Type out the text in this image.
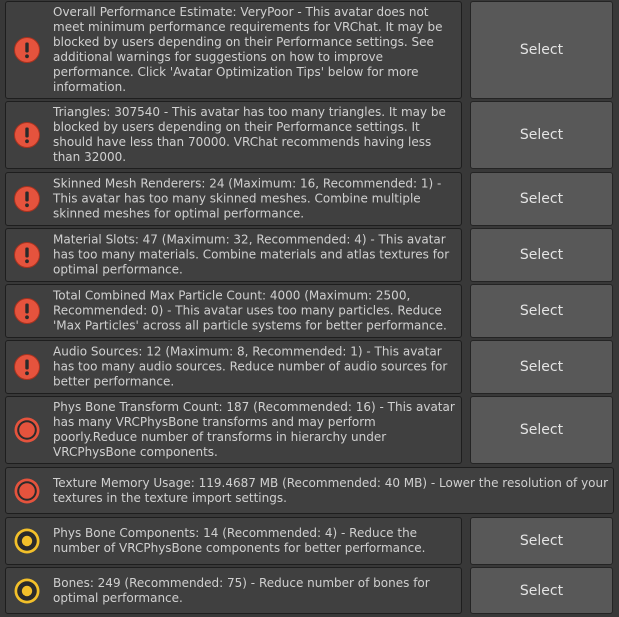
Overall Performance Estimate: VeryPoor - This avatar does not meet minimum performance requirements for VRChat. It may be blocked by users depending on their Performance settings. See additional warnings for suggestions on how to improve performance. Click 'Avatar Optimization Tips' below for more information.
Select
Triangles: 307540 - This avatar has too many triangles. It may be blocked by users depending on their Performance settings. It should have less than 70000. VRChat recommends having less than 32000.
Select
Skinned Mesh Renderers: 24 (Maximum: 16, Recommended: 1) - This avatar has too many skinned meshes. Combine multiple skinned meshes for optimal performance.
Select
Material Slots: 47 (Maximum: 32, Recommended: 4) - This avatar has too many materials. Combine materials and atlas textures for optimal performance.
Select
Total Combined Max Particle Count: 4000 (Maximum: 2500, Recommended: 0) - This avatar uses too many particles. Reduce 'Max Particles' across all particle systems for better performance.
Select
Audio Sources: 12 (Maximum: 8, Recommended: 1) - This avatar has too many audio sources. Reduce number of audio sources for better performance.
Select
Phys Bone Transform Count: 187 (Recommended: 16) - This avatar has many VRCPhysBone transforms and may perform poorly.Reduce number of transforms in hierarchy under VRCPhysBone components.
Select
Texture Memory Usage: 119.4687 MB (Recommended: 40 MB) - Lower the resolution of your textures in the texture import settings.
Phys Bone Components: 14 (Recommended: 4) - Reduce the number of VRCPhysBone components for better performance.	Select
Bones: 249 (Recommended: 75) - Reduce number of bones for optimal performance.	Select
